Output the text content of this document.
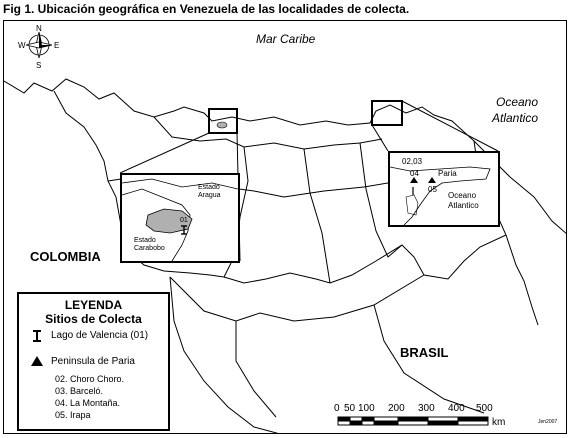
Fig 1. Ubicación geográfica en Venezuela de las localidades de colecta.
N
S
E
W	Mar Caribe
Oceano
Atlantico
COLOMBIA
BRASIL
Estado
Aragua
01
Estado
Carabobo
02,03
04
05
Paria
Oceano
Atlantico
0 50 100 200 300 400 500
km	Jen2007
LEYENDA
Sitios de Colecta
Lago de Valencia (01)
Peninsula de Paria
02. Choro Choro.
03. Barceló.
04. La Montaña.
05. Irapa
